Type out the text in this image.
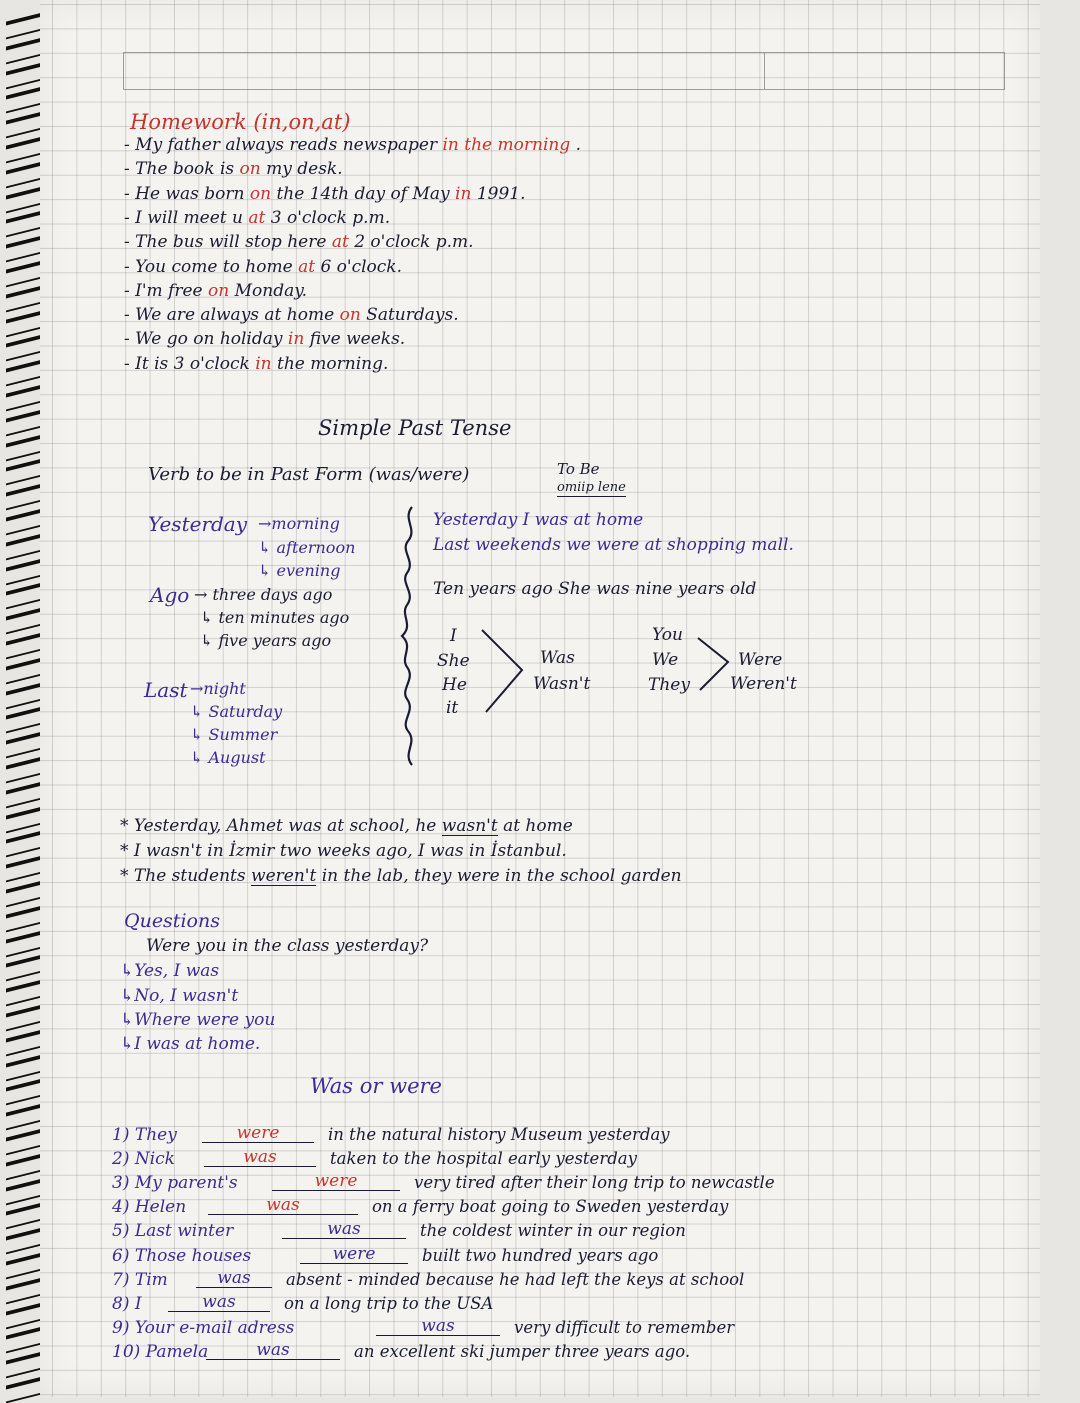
Homework (in,on,at)
- My father always reads newspaper in the morning .
- The book is on my desk.
- He was born on the 14th day of May in 1991.
- I will meet u at 3 o'clock p.m.
- The bus will stop here at 2 o'clock p.m.
- You come to home at 6 o'clock.
- I'm free on Monday.
- We are always at home on Saturdays.
- We go on holiday in five weeks.
- It is 3 o'clock in the morning.
Simple Past Tense
Verb to be in Past Form (was/were)	To Be
omiip lene
Yesterday →morning
↳ afternoon
↳ evening
Ago → three days ago
↳ ten minutes ago
↳ five years ago
Last →night
↳ Saturday
↳ Summer
↳ August
Yesterday I was at home
Last weekends we were at shopping mall.
Ten years ago She was nine years old
I
She
He
it
Was
Wasn't
You
We
They
Were
Weren't
* Yesterday, Ahmet was at school, he wasn't at home
* I wasn't in İzmir two weeks ago, I was in İstanbul.
* The students weren't in the lab, they were in the school garden
Questions
Were you in the class yesterday?
↳Yes, I was
↳No, I wasn't
↳Where were you
↳I was at home.
Was or were
1) They	were	in the natural history Museum yesterday
2) Nick	was	taken to the hospital early yesterday
3) My parent's	were	very tired after their long trip to newcastle
4) Helen	was	on a ferry boat going to Sweden yesterday
5) Last winter	was	the coldest winter in our region
6) Those houses	were	built two hundred years ago
7) Tim	was	absent - minded because he had left the keys at school
8) I	was	on a long trip to the USA
9) Your e-mail adress	was	very difficult to remember
10) Pamela	was	an excellent ski jumper three years ago.
